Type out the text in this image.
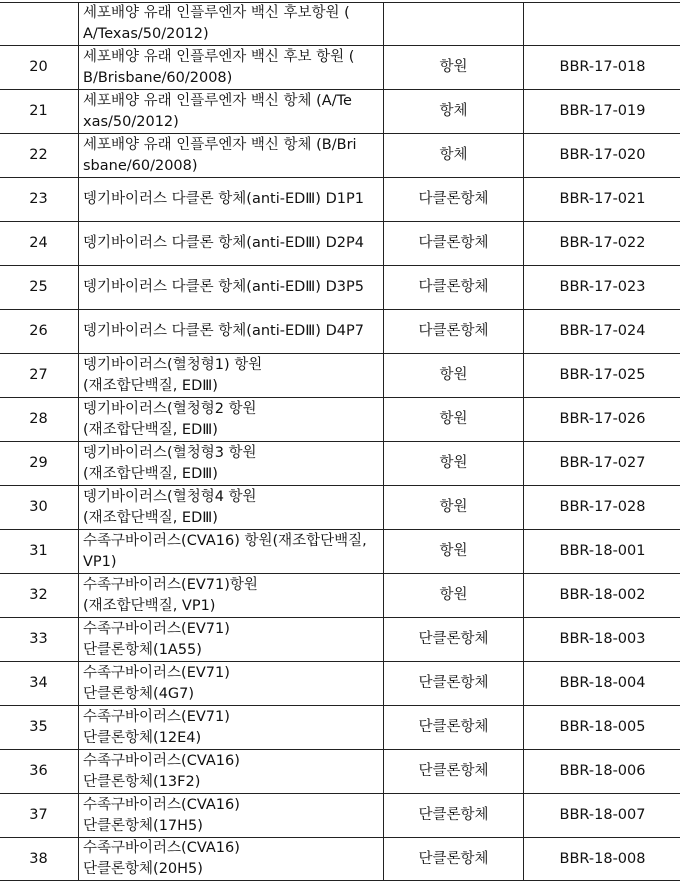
	세포배양 유래 인플루엔자 백신 후보항원 (
A/Texas/50/2012)		

20	세포배양 유래 인플루엔자 백신 후보 항원 (
B/Brisbane/60/2008)	항원	BBR-17-018
21	세포배양 유래 인플루엔자 백신 항체 (A/Te
xas/50/2012)	항체	BBR-17-019
22	세포배양 유래 인플루엔자 백신 항체 (B/Bri
sbane/60/2008)	항체	BBR-17-020
23	뎅기바이러스 다클론 항체(anti-EDⅢ) D1P1	다클론항체	BBR-17-021
24	뎅기바이러스 다클론 항체(anti-EDⅢ) D2P4	다클론항체	BBR-17-022
25	뎅기바이러스 다클론 항체(anti-EDⅢ) D3P5	다클론항체	BBR-17-023
26	뎅기바이러스 다클론 항체(anti-EDⅢ) D4P7	다클론항체	BBR-17-024
27	뎅기바이러스(혈청형1) 항원
(재조합단백질, EDⅢ)	항원	BBR-17-025
28	뎅기바이러스(혈청형2 항원
(재조합단백질, EDⅢ)	항원	BBR-17-026
29	뎅기바이러스(혈청형3 항원
(재조합단백질, EDⅢ)	항원	BBR-17-027
30	뎅기바이러스(혈청형4 항원
(재조합단백질, EDⅢ)	항원	BBR-17-028
31	수족구바이러스(CVA16) 항원(재조합단백질,
VP1)	항원	BBR-18-001
32	수족구바이러스(EV71)항원
(재조합단백질, VP1)	항원	BBR-18-002
33	수족구바이러스(EV71)
단클론항체(1A55)	단클론항체	BBR-18-003
34	수족구바이러스(EV71)
단클론항체(4G7)	단클론항체	BBR-18-004
35	수족구바이러스(EV71)
단클론항체(12E4)	단클론항체	BBR-18-005
36	수족구바이러스(CVA16)
단클론항체(13F2)	단클론항체	BBR-18-006
37	수족구바이러스(CVA16)
단클론항체(17H5)	단클론항체	BBR-18-007
38	수족구바이러스(CVA16)
단클론항체(20H5)	단클론항체	BBR-18-008
